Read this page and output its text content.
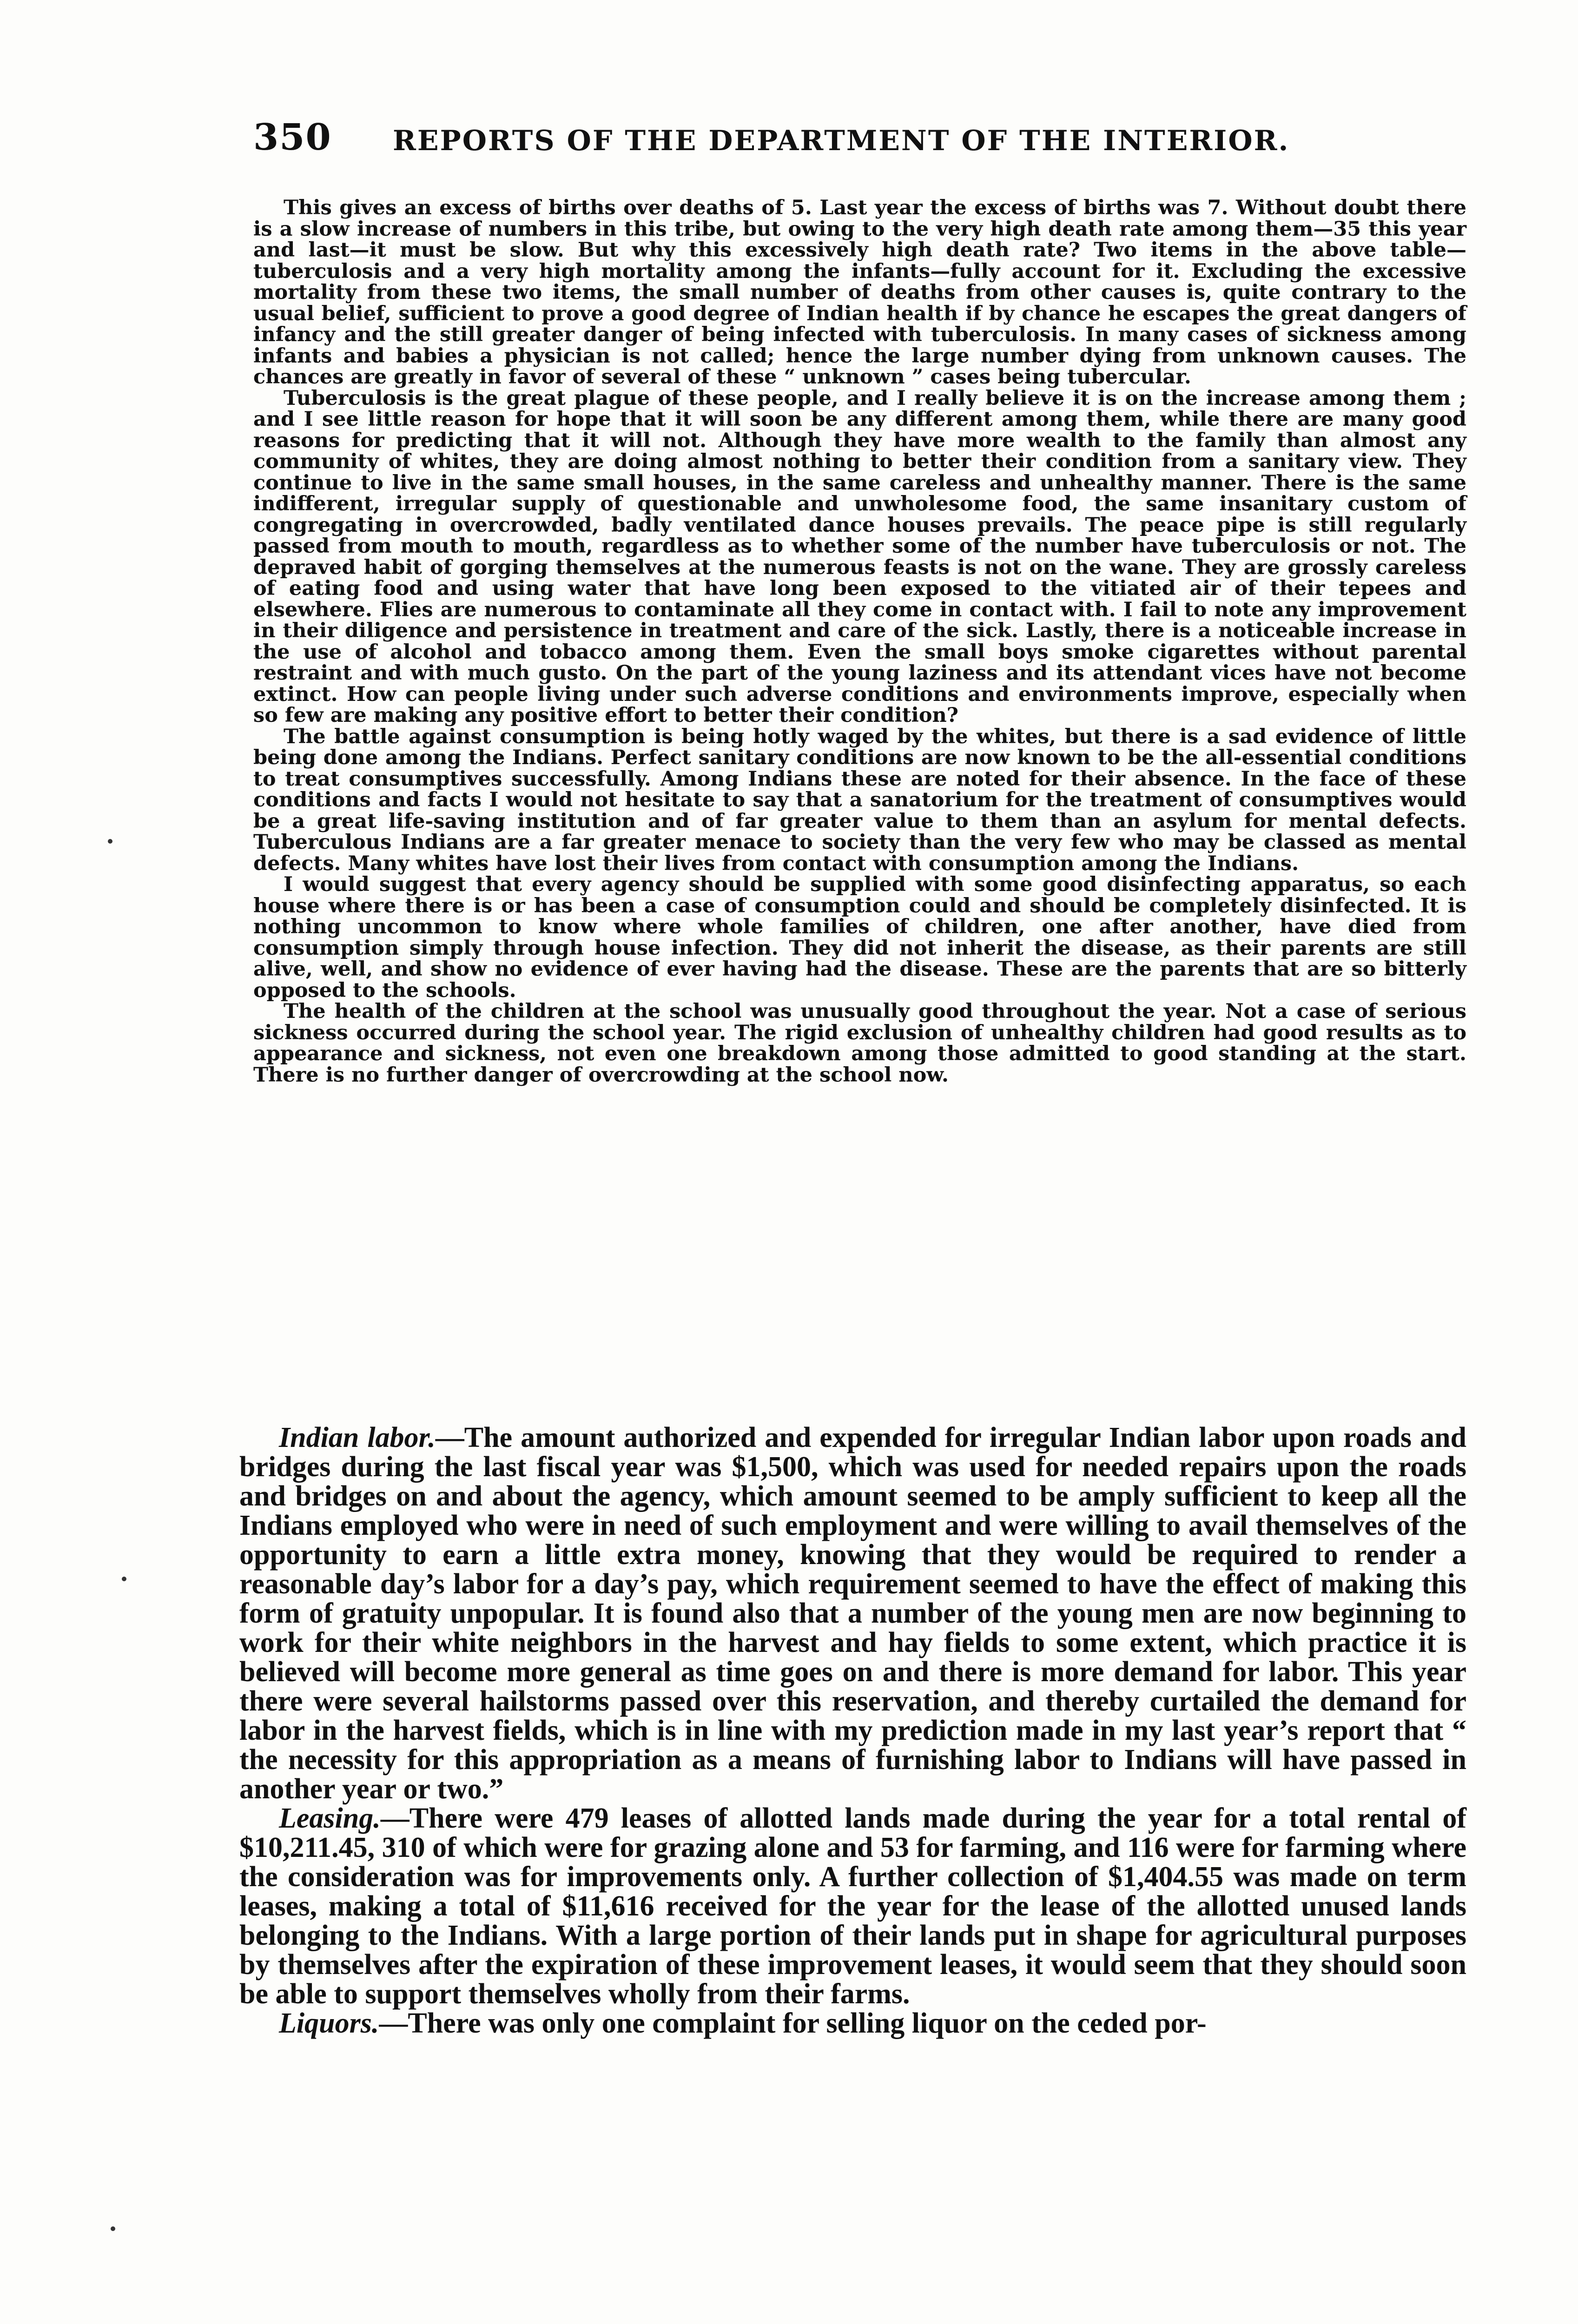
350 REPORTS OF THE DEPARTMENT OF THE INTERIOR.

This gives an excess of births over deaths of 5. Last year the excess of births was 7. Without doubt there is a slow increase of numbers in this tribe, but owing to the very high death rate among them—35 this year and last—it must be slow. But why this excessively high death rate? Two items in the above table—tuberculosis and a very high mortality among the infants—fully account for it. Excluding the excessive mortality from these two items, the small number of deaths from other causes is, quite contrary to the usual belief, sufficient to prove a good degree of Indian health if by chance he escapes the great dangers of infancy and the still greater danger of being infected with tuberculosis. In many cases of sickness among infants and babies a physician is not called; hence the large number dying from unknown causes. The chances are greatly in favor of several of these “ unknown ” cases being tubercular.

Tuberculosis is the great plague of these people, and I really believe it is on the increase among them ; and I see little reason for hope that it will soon be any different among them, while there are many good reasons for predicting that it will not. Although they have more wealth to the family than almost any community of whites, they are doing almost nothing to better their condition from a sanitary view. They continue to live in the same small houses, in the same careless and unhealthy manner. There is the same indifferent, irregular supply of questionable and unwholesome food, the same insanitary custom of congregating in overcrowded, badly ventilated dance houses prevails. The peace pipe is still regularly passed from mouth to mouth, regardless as to whether some of the number have tuberculosis or not. The depraved habit of gorging themselves at the numerous feasts is not on the wane. They are grossly careless of eating food and using water that have long been exposed to the vitiated air of their tepees and elsewhere. Flies are numerous to contaminate all they come in contact with. I fail to note any improvement in their diligence and persistence in treatment and care of the sick. Lastly, there is a noticeable increase in the use of alcohol and tobacco among them. Even the small boys smoke cigarettes without parental restraint and with much gusto. On the part of the young laziness and its attendant vices have not become extinct. How can people living under such adverse conditions and environments improve, especially when so few are making any positive effort to better their condition?

The battle against consumption is being hotly waged by the whites, but there is a sad evidence of little being done among the Indians. Perfect sanitary conditions are now known to be the all-essential conditions to treat consumptives successfully. Among Indians these are noted for their absence. In the face of these conditions and facts I would not hesitate to say that a sanatorium for the treatment of consumptives would be a great life-saving institution and of far greater value to them than an asylum for mental defects. Tuberculous Indians are a far greater menace to society than the very few who may be classed as mental defects. Many whites have lost their lives from contact with consumption among the Indians.

I would suggest that every agency should be supplied with some good disinfecting apparatus, so each house where there is or has been a case of consumption could and should be completely disinfected. It is nothing uncommon to know where whole families of children, one after another, have died from consumption simply through house infection. They did not inherit the disease, as their parents are still alive, well, and show no evidence of ever having had the disease. These are the parents that are so bitterly opposed to the schools.

The health of the children at the school was unusually good throughout the year. Not a case of serious sickness occurred during the school year. The rigid exclusion of unhealthy children had good results as to appearance and sickness, not even one breakdown among those admitted to good standing at the start. There is no further danger of overcrowding at the school now.

Indian labor.—The amount authorized and expended for irregular Indian labor upon roads and bridges during the last fiscal year was $1,500, which was used for needed repairs upon the roads and bridges on and about the agency, which amount seemed to be amply sufficient to keep all the Indians employed who were in need of such employment and were willing to avail themselves of the opportunity to earn a little extra money, knowing that they would be required to render a reasonable day’s labor for a day’s pay, which requirement seemed to have the effect of making this form of gratuity unpopular. It is found also that a number of the young men are now beginning to work for their white neighbors in the harvest and hay fields to some extent, which practice it is believed will become more general as time goes on and there is more demand for labor. This year there were several hailstorms passed over this reservation, and thereby curtailed the demand for labor in the harvest fields, which is in line with my prediction made in my last year’s report that “ the necessity for this appropriation as a means of furnishing labor to Indians will have passed in another year or two.”

Leasing.—There were 479 leases of allotted lands made during the year for a total rental of $10,211.45, 310 of which were for grazing alone and 53 for farming, and 116 were for farming where the consideration was for improvements only. A further collection of $1,404.55 was made on term leases, making a total of $11,616 received for the year for the lease of the allotted unused lands belonging to the Indians. With a large portion of their lands put in shape for agricultural purposes by themselves after the expiration of these improvement leases, it would seem that they should soon be able to support themselves wholly from their farms.

Liquors.—There was only one complaint for selling liquor on the ceded por-
